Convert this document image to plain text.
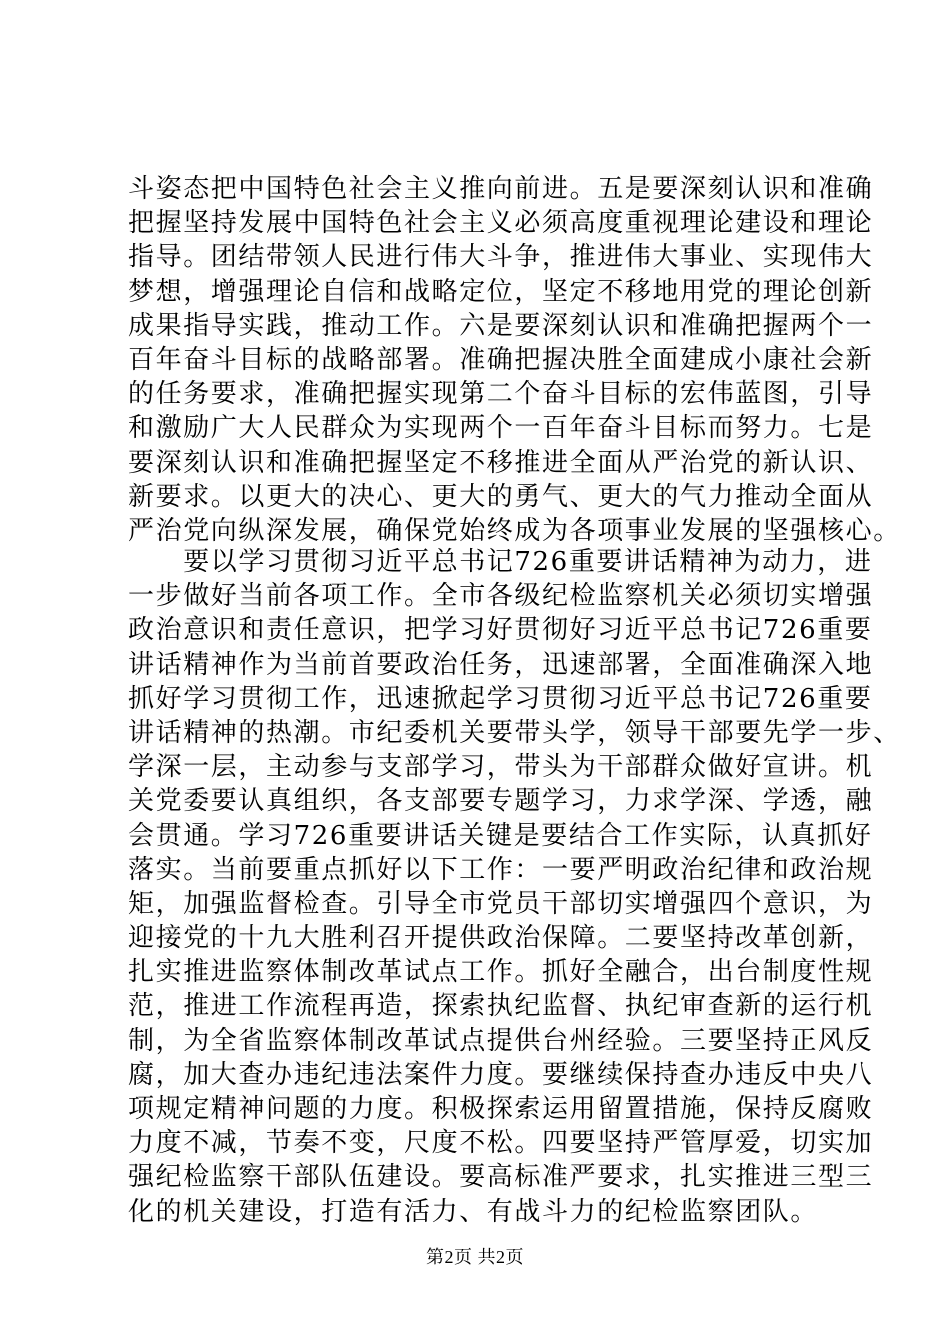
斗姿态把中国特色社会主义推向前进。五是要深刻认识和准确
把握坚持发展中国特色社会主义必须高度重视理论建设和理论
指导。团结带领人民进行伟大斗争，推进伟大事业、实现伟大
梦想，增强理论自信和战略定位，坚定不移地用党的理论创新
成果指导实践，推动工作。六是要深刻认识和准确把握两个一
百年奋斗目标的战略部署。准确把握决胜全面建成小康社会新
的任务要求，准确把握实现第二个奋斗目标的宏伟蓝图，引导
和激励广大人民群众为实现两个一百年奋斗目标而努力。七是
要深刻认识和准确把握坚定不移推进全面从严治党的新认识、
新要求。以更大的决心、更大的勇气、更大的气力推动全面从
严治党向纵深发展，确保党始终成为各项事业发展的坚强核心。
　　要以学习贯彻习近平总书记726重要讲话精神为动力，进
一步做好当前各项工作。全市各级纪检监察机关必须切实增强
政治意识和责任意识，把学习好贯彻好习近平总书记726重要
讲话精神作为当前首要政治任务，迅速部署，全面准确深入地
抓好学习贯彻工作，迅速掀起学习贯彻习近平总书记726重要
讲话精神的热潮。市纪委机关要带头学，领导干部要先学一步、
学深一层，主动参与支部学习，带头为干部群众做好宣讲。机
关党委要认真组织，各支部要专题学习，力求学深、学透，融
会贯通。学习726重要讲话关键是要结合工作实际，认真抓好
落实。当前要重点抓好以下工作：一要严明政治纪律和政治规
矩，加强监督检查。引导全市党员干部切实增强四个意识，为
迎接党的十九大胜利召开提供政治保障。二要坚持改革创新，
扎实推进监察体制改革试点工作。抓好全融合，出台制度性规
范，推进工作流程再造，探索执纪监督、执纪审查新的运行机
制，为全省监察体制改革试点提供台州经验。三要坚持正风反
腐，加大查办违纪违法案件力度。要继续保持查办违反中央八
项规定精神问题的力度。积极探索运用留置措施，保持反腐败
力度不减，节奏不变，尺度不松。四要坚持严管厚爱，切实加
强纪检监察干部队伍建设。要高标准严要求，扎实推进三型三
化的机关建设，打造有活力、有战斗力的纪检监察团队。
第2页 共2页
